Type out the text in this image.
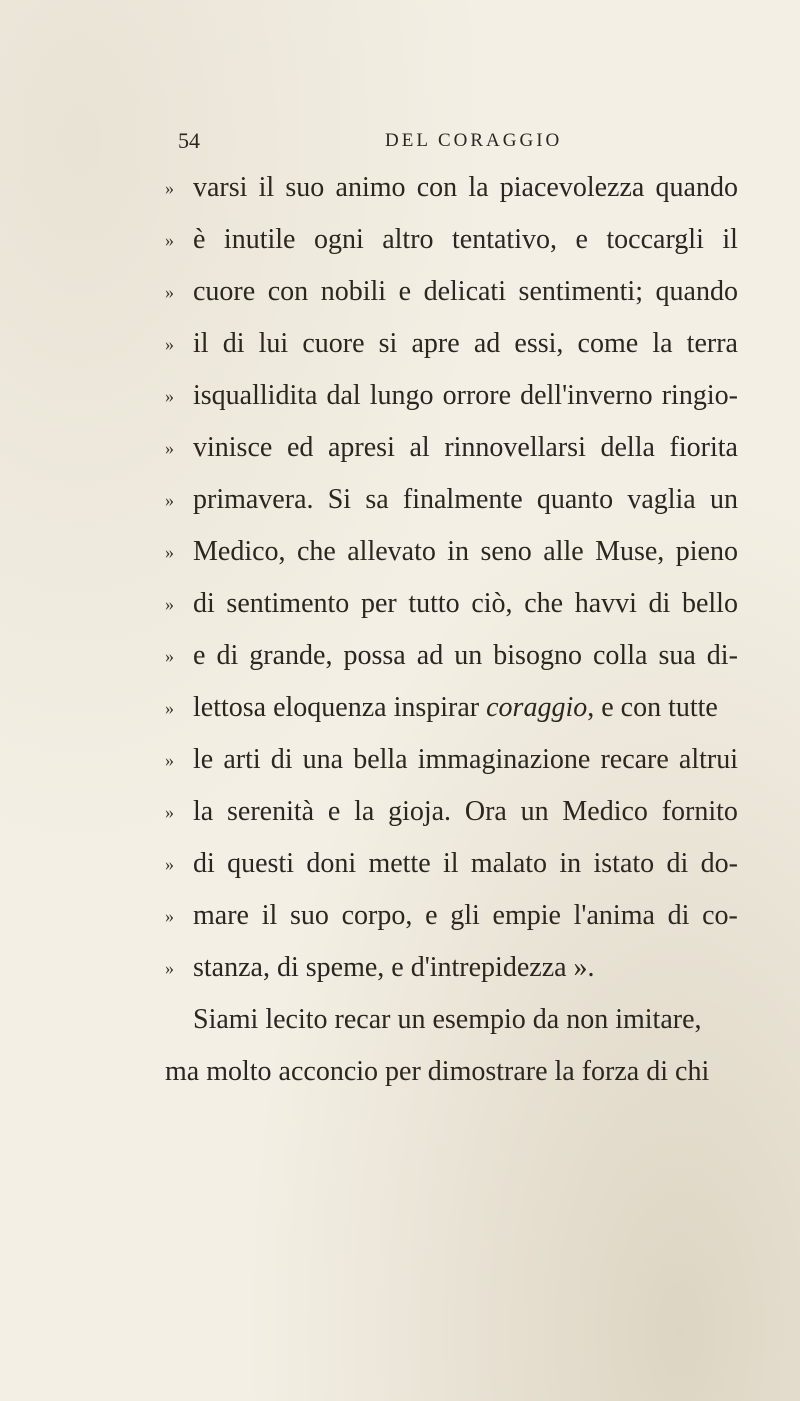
54	DEL CORAGGIO
» varsi il suo animo con la piacevolezza quando
» è inutile ogni altro tentativo, e toccargli il
» cuore con nobili e delicati sentimenti; quando
» il di lui cuore si apre ad essi, come la terra
» isquallidita dal lungo orrore dell'inverno ringio-
» vinisce ed apresi al rinnovellarsi della fiorita
» primavera. Si sa finalmente quanto vaglia un
» Medico, che allevato in seno alle Muse, pieno
» di sentimento per tutto ciò, che havvi di bello
» e di grande, possa ad un bisogno colla sua di-
» lettosa eloquenza inspirar coraggio, e con tutte
» le arti di una bella immaginazione recare altrui
» la serenità e la gioja. Ora un Medico fornito
» di questi doni mette il malato in istato di do-
» mare il suo corpo, e gli empie l'anima di co-
» stanza, di speme, e d'intrepidezza ».
Siami lecito recar un esempio da non imitare,
ma molto acconcio per dimostrare la forza di chi
